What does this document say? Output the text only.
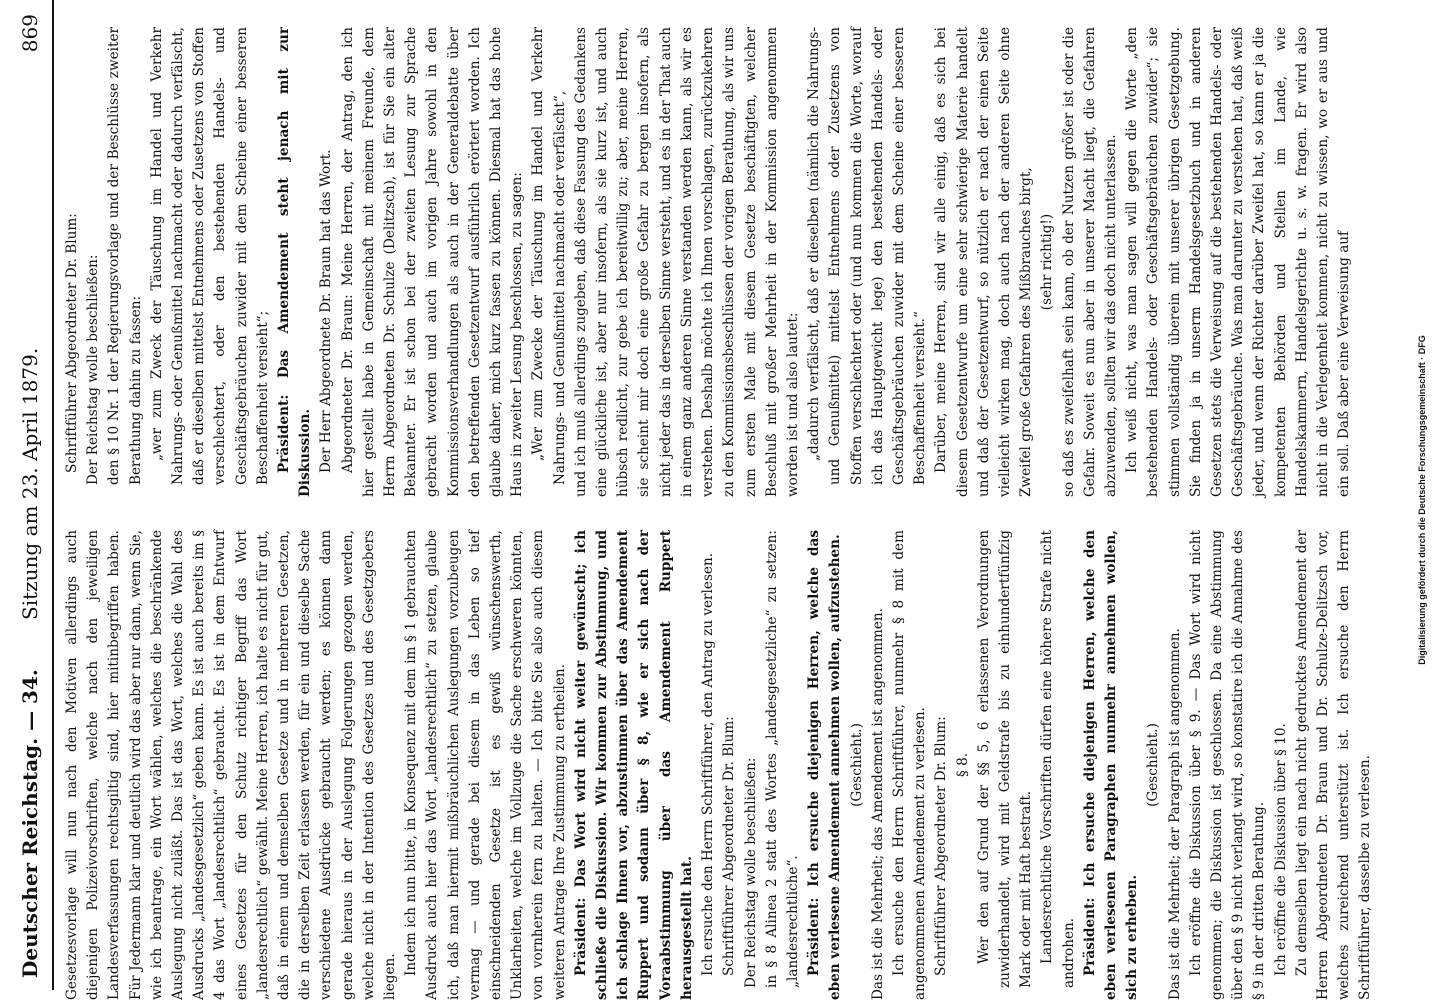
Deutscher Reichstag. — 34.
Sitzung am 23. April 1879.
869

Gesetzesvorlage will nun nach den Motiven allerdings auch diejenigen Polizeivorschriften, welche nach den jeweiligen Landesverfassungen rechtsgiltig sind, hier mitinbegriffen haben. Für Jedermann klar und deutlich wird das aber nur dann, wenn Sie, wie ich beantrage, ein Wort wählen, welches die beschränkende Auslegung nicht zuläßt. Das ist das Wort, welches die Wahl des Ausdrucks „landesgesetzlich“ geben kann. Es ist auch bereits im § 4 das Wort „landesrechtlich“ gebraucht. Es ist in dem Entwurf eines Gesetzes für den Schutz richtiger Begriff das Wort „landesrechtlich“ gewählt. Meine Herren, ich halte es nicht für gut, daß in einem und demselben Gesetze und in mehreren Gesetzen, die in derselben Zeit erlassen werden, für ein und dieselbe Sache verschiedene Ausdrücke gebraucht werden; es können dann gerade hieraus in der Auslegung Folgerungen gezogen werden, welche nicht in der Intention des Gesetzes und des Gesetzgebers liegen.

Indem ich nun bitte, in Konsequenz mit dem im § 1 gebrauchten Ausdruck auch hier das Wort „landesrechtlich“ zu setzen, glaube ich, daß man hiermit mißbräuchlichen Auslegungen vorzubeugen vermag — und gerade bei diesem in das Leben so tief einschneidenden Gesetze ist es gewiß wünschenswerth, Unklarheiten, welche im Vollzuge die Sache erschweren könnten, von vornherein fern zu halten. — Ich bitte Sie also auch diesem weiteren Antrage Ihre Zustimmung zu ertheilen. Präsident: Das Wort wird nicht weiter gewünscht; ich schließe die Diskussion. Wir kommen zur Abstimmung, und ich schlage Ihnen vor, abzustimmen über das Amendement Ruppert und sodann über § 8, wie er sich nach der Voraabstimmung über das Amendement Ruppert herausgestellt hat. Ich ersuche den Herrn Schriftführer, den Antrag zu verlesen. Schriftführer Abgeordneter Dr. Blum: Der Reichstag wolle beschließen: in § 8 Alinea 2 statt des Wortes „landesgesetzliche“ zu setzen: „landesrechtliche“. Präsident: Ich ersuche diejenigen Herren, welche das eben verlesene Amendement annehmen wollen, aufzustehen. (Geschieht.) Das ist die Mehrheit; das Amendement ist angenommen. Ich ersuche den Herrn Schriftführer, nunmehr § 8 mit dem angenommenen Amendement zu verlesen. Schriftführer Abgeordneter Dr. Blum: § 8. Wer den auf Grund der §§ 5, 6 erlassenen Verordnungen zuwiderhandelt, wird mit Geldstrafe bis zu einhundertfünfzig Mark oder mit Haft bestraft. Landesrechtliche Vorschriften dürfen eine höhere Strafe nicht androhen. Präsident: Ich ersuche diejenigen Herren, welche den eben verlesenen Paragraphen nunmehr annehmen wollen, sich zu erheben.

(Geschieht.) Das ist die Mehrheit; der Paragraph ist angenommen. Ich eröffne die Diskussion über § 9. — Das Wort wird nicht genommen; die Diskussion ist geschlossen. Da eine Abstimmung über den § 9 nicht verlangt wird, so konstatire ich die Annahme des § 9 in der dritten Berathung. Ich eröffne die Diskussion über § 10. Zu demselben liegt ein nach nicht gedrucktes Amendement der Herren Abgeordneten Dr. Braun und Dr. Schulze-Delitzsch vor, welches zureichend unterstützt ist. Ich ersuche den Herrn Schriftführer, dasselbe zu verlesen.

Schriftführer Abgeordneter Dr. Blum: Der Reichstag wolle beschließen: den § 10 Nr. 1 der Regierungsvorlage und der Beschlüsse zweiter Berathung dahin zu fassen: „wer zum Zweck der Täuschung im Handel und Verkehr Nahrungs- oder Genußmittel nachmacht oder dadurch verfälscht, daß er dieselben mittelst Entnehmens oder Zusetzens von Stoffen verschlechtert, oder den bestehenden Handels- und Geschäftsgebräuchen zuwider mit dem Scheine einer besseren Beschaffenheit versieht“; Präsident: Das Amendement steht jenach mit zur Diskussion. Der Herr Abgeordnete Dr. Braun hat das Wort. Abgeordneter Dr. Braun: Meine Herren, der Antrag, den ich hier gestellt habe in Gemeinschaft mit meinem Freunde, dem Herrn Abgeordneten Dr. Schulze (Delitzsch), ist für Sie ein alter Bekannter. Er ist schon bei der zweiten Lesung zur Sprache gebracht worden und auch im vorigen Jahre sowohl in den Kommissionsverhandlungen als auch in der Generaldebatte über den betreffenden Gesetzentwurf ausführlich erörtert worden. Ich glaube daher, mich kurz fassen zu können. Diesmal hat das hohe Haus in zweiter Lesung beschlossen, zu sagen: „Wer zum Zwecke der Täuschung im Handel und Verkehr Nahrungs- und Genußmittel nachmacht oder verfälscht“, und ich muß allerdings zugeben, daß diese Fassung des Gedankens eine glückliche ist, aber nur insofern, als sie kurz ist, und auch hübsch redlicht, zur gebe ich bereitwillig zu; aber, meine Herren, sie scheint mir doch eine große Gefahr zu bergen insofern, als nicht jeder das in derselben Sinne versteht, und es in der That auch in einem ganz anderen Sinne verstanden werden kann, als wir es verstehen. Deshalb möchte ich Ihnen vorschlagen, zurückzukehren zu den Kommissionsbeschlüssen der vorigen Berathung, als wir uns zum ersten Male mit diesem Gesetze beschäftigten, welcher Beschluß mit großer Mehrheit in der Kommission angenommen worden ist und also lautet: „dadurch verfälscht, daß er dieselben (nämlich die Nahrungs- und Genußmittel) mittelst Entnehmens oder Zusetzens von Stoffen verschlechtert oder (und nun kommen die Worte, worauf ich das Hauptgewicht lege) den bestehenden Handels- oder Geschäftsgebräuchen zuwider mit dem Scheine einer besseren Beschaffenheit versieht.“ Darüber, meine Herren, sind wir alle einig, daß es sich bei diesem Gesetzentwurfe um eine sehr schwierige Materie handelt und daß der Gesetzentwurf, so nützlich er nach der einen Seite vielleicht wirken mag, doch auch nach der anderen Seite ohne Zweifel große Gefahren des Mißbrauches birgt, (sehr richtig!) so daß es zweifelhaft sein kann, ob der Nutzen größer ist oder die Gefahr. Soweit es nun aber in unserer Macht liegt, die Gefahren abzuwenden, sollten wir das doch nicht unterlassen. Ich weiß nicht, was man sagen will gegen die Worte „den bestehenden Handels- oder Geschäftsgebräuchen zuwider“; sie stimmen vollständig überein mit unserer übrigen Gesetzgebung. Sie finden ja in unserm Handelsgesetzbuch und in anderen Gesetzen stets die Verweisung auf die bestehenden Handels- oder Geschäftsgebräuche. Was man darunter zu verstehen hat, daß weiß jeder, und wenn der Richter darüber Zweifel hat, so kann er ja die kompetenten Behörden und Stellen im Lande, wie Handelskammern, Handelsgerichte u. s. w. fragen. Er wird also nicht in die Verlegenheit kommen, nicht zu wissen, wo er aus und ein soll. Daß aber eine Verweisung auf	Digitalisierung gefördert durch die Deutsche Forschungsgemeinschaft · DFG
